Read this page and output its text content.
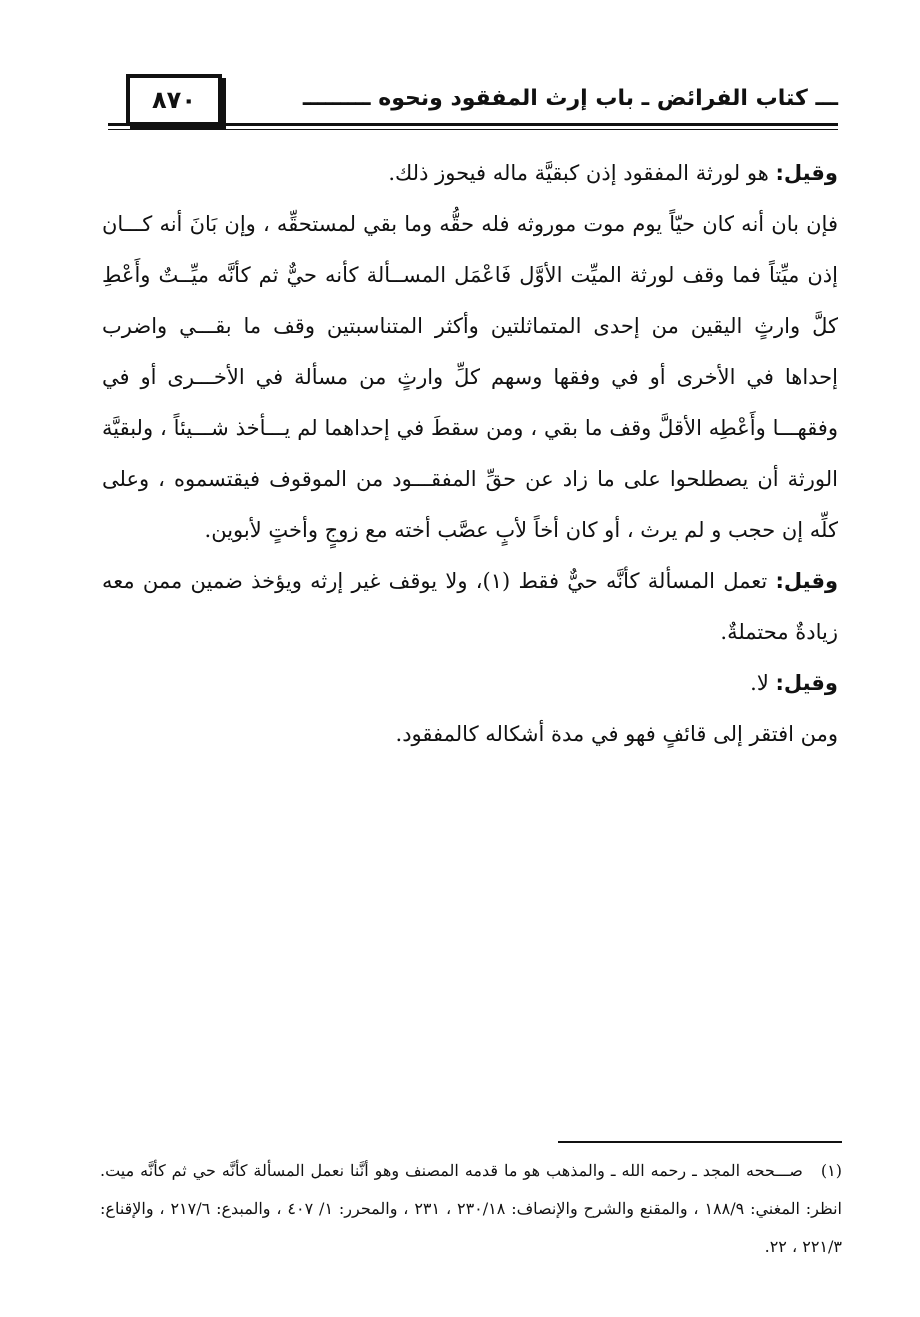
٨٧٠	ـــ كتاب الفرائض ـ باب إرث المفقود ونحوه ـــــــــ

وقيل: هو لورثة المفقود إذن كبقيَّة ماله فيحوز ذلك.

فإن بان أنه كان حيّاً يوم موت موروثه فله حقُّه وما بقي لمستحقِّه ، وإن بَانَ أنه كـــان إذن ميِّتاً فما وقف لورثة الميِّت الأوَّل فَاعْمَل المســألة كأنه حيٌّ ثم كأنَّه ميِّــتٌ وأَعْطِ كلَّ وارثٍ اليقين من إحدى المتماثلتين وأكثر المتناسبتين وقف ما بقـــي واضرب إحداها في الأخرى أو في وفقها وسهم كلِّ وارثٍ من مسألة في الأخـــرى أو في وفقهـــا وأَعْطِه الأقلَّ وقف ما بقي ، ومن سقطَ في إحداهما لم يـــأخذ شـــيئاً ، ولبقيَّة الورثة أن يصطلحوا على ما زاد عن حقِّ المفقـــود من الموقوف فيقتسموه ، وعلى كلِّه إن حجب و لم يرث ، أو كان أخاً لأبٍ عصَّب أخته مع زوجٍ وأختٍ لأبوين.

وقيل: تعمل المسألة كأنَّه حيٌّ فقط (١)، ولا يوقف غير إرثه ويؤخذ ضمين ممن معه زيادةٌ محتملةٌ.

وقيل: لا.

ومن افتقر إلى قائفٍ فهو في مدة أشكاله كالمفقود.

(١)صـــححه المجد ـ رحمه الله ـ والمذهب هو ما قدمه المصنف وهو أنَّنا نعمل المسألة كأنَّه حي ثم كأنَّه ميت. انظر: المغني: ١٨٨/٩ ، والمقنع والشرح والإنصاف: ٢٣٠/١٨ ، ٢٣١ ، والمحرر: ١/ ٤٠٧ ، والمبدع: ٢١٧/٦ ، والإقناع: ٢٢١/٣ ، ٢٢.
